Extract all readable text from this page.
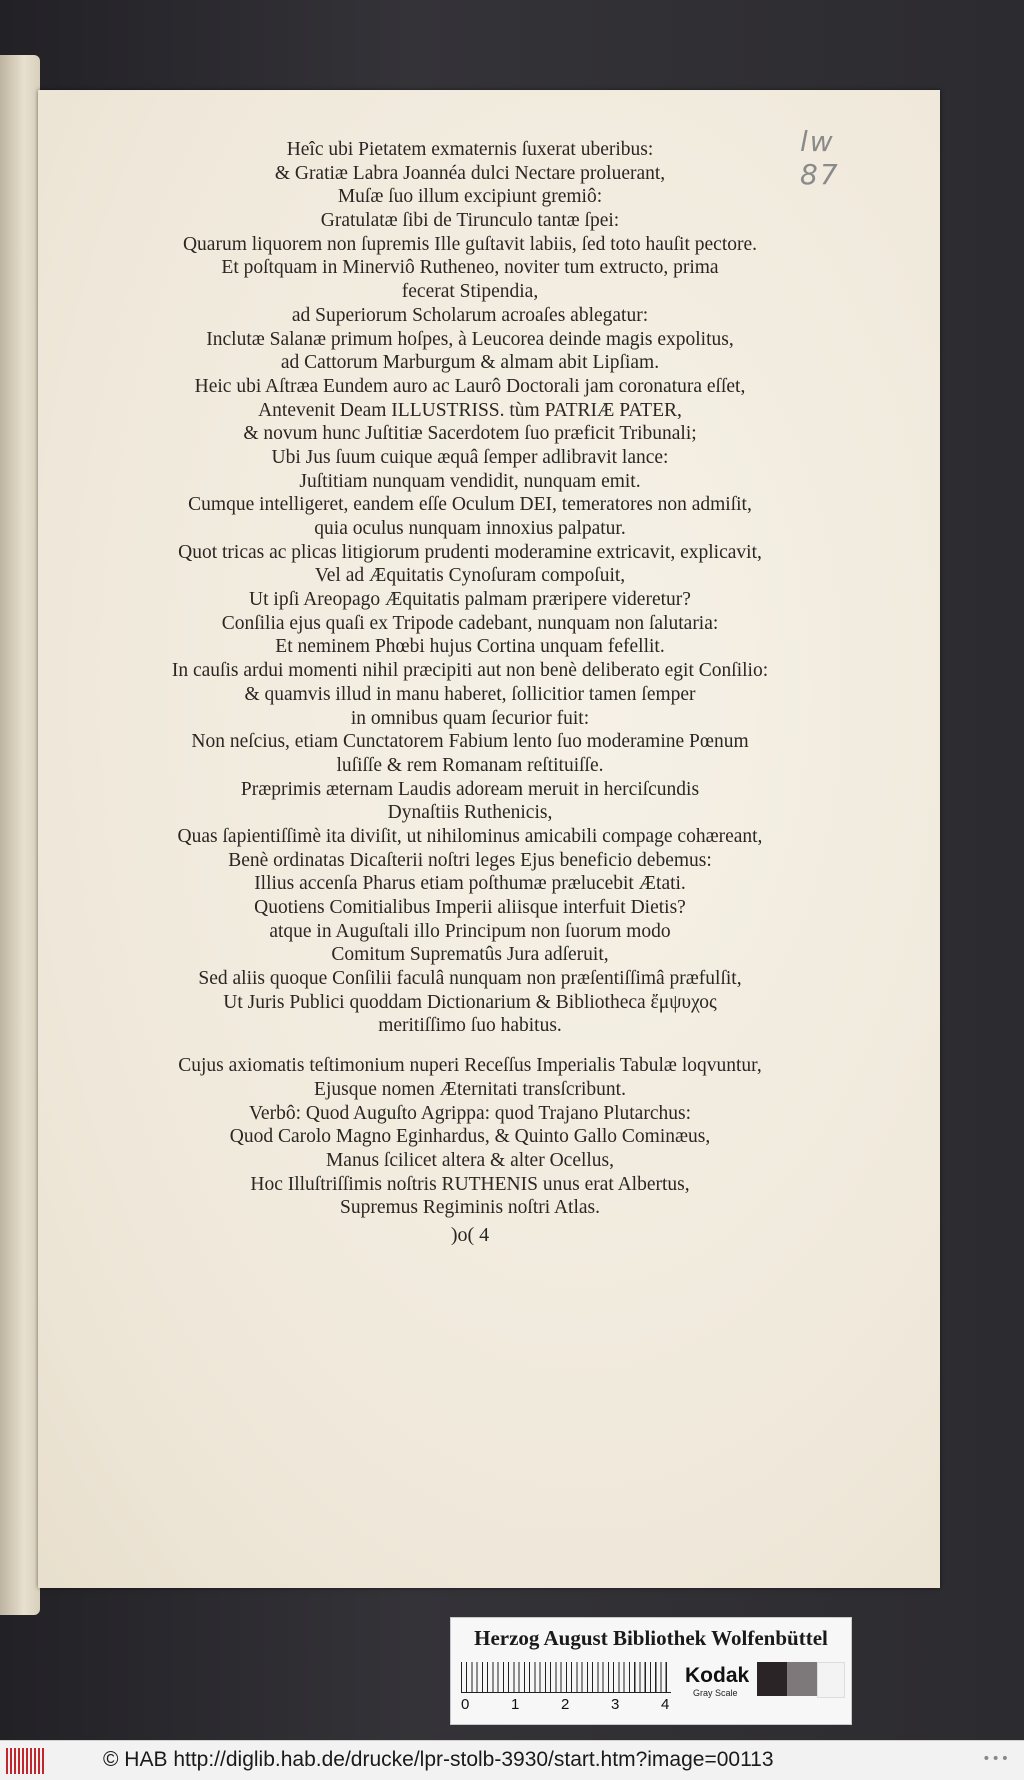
lw 87
Heîc ubi Pietatem exmaternis ſuxerat uberibus:
& Gratiæ Labra Joannéa dulci Nectare proluerant,
Muſæ ſuo illum excipiunt gremiô:
Gratulatæ ſibi de Tirunculo tantæ ſpei:
Quarum liquorem non ſupremis Ille guſtavit labiis, ſed toto hauſit pectore.
Et poſtquam in Minerviô Rutheneo, noviter tum extructo, prima
fecerat Stipendia,
ad Superiorum Scholarum acroaſes ablegatur:
Inclutæ Salanæ primum hoſpes, à Leucorea deinde magis expolitus,
ad Cattorum Marburgum & almam abit Lipſiam.
Heic ubi Aſtræa Eundem auro ac Laurô Doctorali jam coronatura eſſet,
Antevenit Deam ILLUSTRISS. tùm PATRIÆ PATER,
& novum hunc Juſtitiæ Sacerdotem ſuo præficit Tribunali;
Ubi Jus ſuum cuique æquâ ſemper adlibravit lance:
Juſtitiam nunquam vendidit, nunquam emit.
Cumque intelligeret, eandem eſſe Oculum DEI, temeratores non admiſit,
quia oculus nunquam innoxius palpatur.
Quot tricas ac plicas litigiorum prudenti moderamine extricavit, explicavit,
Vel ad Æquitatis Cynoſuram compoſuit,
Ut ipſi Areopago Æquitatis palmam præripere videretur?
Conſilia ejus quaſi ex Tripode cadebant, nunquam non ſalutaria:
Et neminem Phœbi hujus Cortina unquam fefellit.
In cauſis ardui momenti nihil præcipiti aut non benè deliberato egit Conſilio:
& quamvis illud in manu haberet, ſollicitior tamen ſemper
in omnibus quam ſecurior fuit:
Non neſcius, etiam Cunctatorem Fabium lento ſuo moderamine Pœnum
luſiſſe & rem Romanam reſtituiſſe.
Præprimis æternam Laudis adoream meruit in herciſcundis
Dynaſtiis Ruthenicis,
Quas ſapientiſſimè ita diviſit, ut nihilominus amicabili compage cohæreant,
Benè ordinatas Dicaſterii noſtri leges Ejus beneficio debemus:
Illius accenſa Pharus etiam poſthumæ prælucebit Ætati.
Quotiens Comitialibus Imperii aliisque interfuit Dietis?
atque in Auguſtali illo Principum non ſuorum modo
Comitum Suprematûs Jura adſeruit,
Sed aliis quoque Conſilii faculâ nunquam non præſentiſſimâ præfulſit,
Ut Juris Publici quoddam Dictionarium & Bibliotheca ἔμψυχος
meritiſſimo ſuo habitus.
Cujus axiomatis teſtimonium nuperi Receſſus Imperialis Tabulæ loqvuntur,
Ejusque nomen Æternitati transſcribunt.
Verbô: Quod Auguſto Agrippa: quod Trajano Plutarchus:
Quod Carolo Magno Eginhardus, & Quinto Gallo Cominæus,
Manus ſcilicet altera & alter Ocellus,
Hoc Illuſtriſſimis noſtris RUTHENIS unus erat Albertus,
Supremus Regiminis noſtri Atlas.
)o( 4
Herzog August Bibliothek Wolfenbüttel
0	1	2	3	4
Kodak
Gray Scale
© HAB http://diglib.hab.de/drucke/lpr-stolb-3930/start.htm?image=00113	•••
